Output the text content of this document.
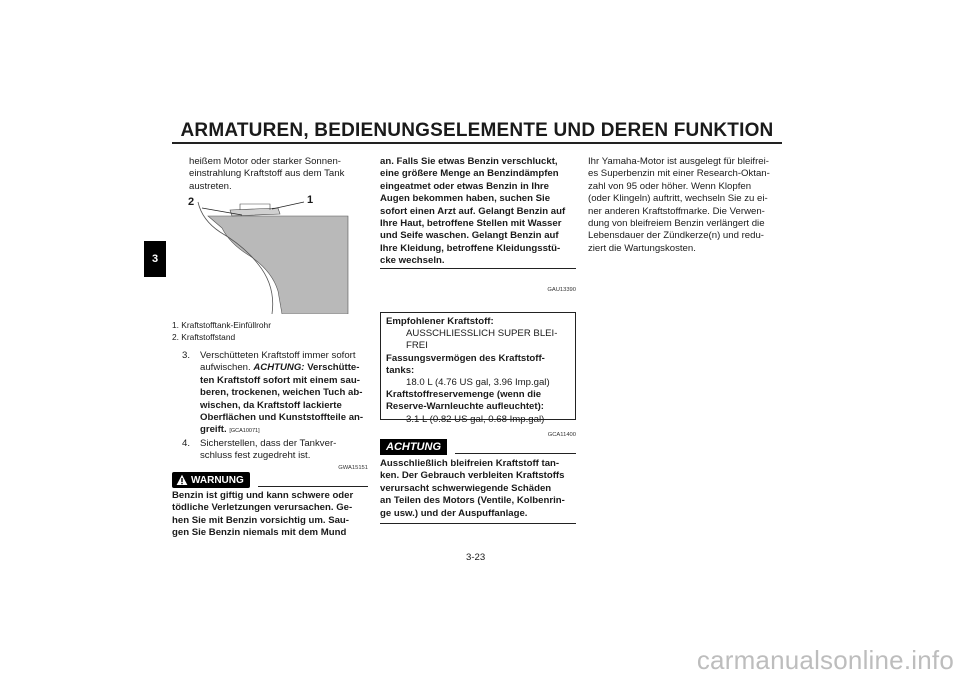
ARMATUREN, BEDIENUNGSELEMENTE UND DEREN FUNKTION
3

heißem Motor oder starker Sonnen-

einstrahlung Kraftstoff aus dem Tank

austreten.

2	1

1. Kraftstofftank-Einfüllrohr

2. Kraftstoffstand

3.	Verschütteten Kraftstoff immer sofort

aufwischen. ACHTUNG: Verschütte-

ten Kraftstoff sofort mit einem sau-

beren, trockenen, weichen Tuch ab-

wischen, da Kraftstoff lackierte

Oberflächen und Kunststoffteile an-

greift. [GCA10071]

4.	Sicherstellen, dass der Tankver-

schluss fest zugedreht ist.

GWA15151
WARNUNG

Benzin ist giftig und kann schwere oder

tödliche Verletzungen verursachen. Ge-

hen Sie mit Benzin vorsichtig um. Sau-

gen Sie Benzin niemals mit dem Mund

an. Falls Sie etwas Benzin verschluckt,

eine größere Menge an Benzindämpfen

eingeatmet oder etwas Benzin in Ihre

Augen bekommen haben, suchen Sie

sofort einen Arzt auf. Gelangt Benzin auf

Ihre Haut, betroffene Stellen mit Wasser

und Seife waschen. Gelangt Benzin auf

Ihre Kleidung, betroffene Kleidungsstü-

cke wechseln.

GAU13390

Empfohlener Kraftstoff:

AUSSCHLIESSLICH SUPER BLEI-

FREI

Fassungsvermögen des Kraftstoff-

tanks:

18.0 L (4.76 US gal, 3.96 Imp.gal)

Kraftstoffreservemenge (wenn die

Reserve-Warnleuchte aufleuchtet):

3.1 L (0.82 US gal, 0.68 Imp.gal)

GCA11400
ACHTUNG

Ausschließlich bleifreien Kraftstoff tan-

ken. Der Gebrauch verbleiten Kraftstoffs

verursacht schwerwiegende Schäden

an Teilen des Motors (Ventile, Kolbenrin-

ge usw.) und der Auspuffanlage.

Ihr Yamaha-Motor ist ausgelegt für bleifrei-

es Superbenzin mit einer Research-Oktan-

zahl von 95 oder höher. Wenn Klopfen

(oder Klingeln) auftritt, wechseln Sie zu ei-

ner anderen Kraftstoffmarke. Die Verwen-

dung von bleifreiem Benzin verlängert die

Lebensdauer der Zündkerze(n) und redu-

ziert die Wartungskosten.

3-23
carmanualsonline.info
